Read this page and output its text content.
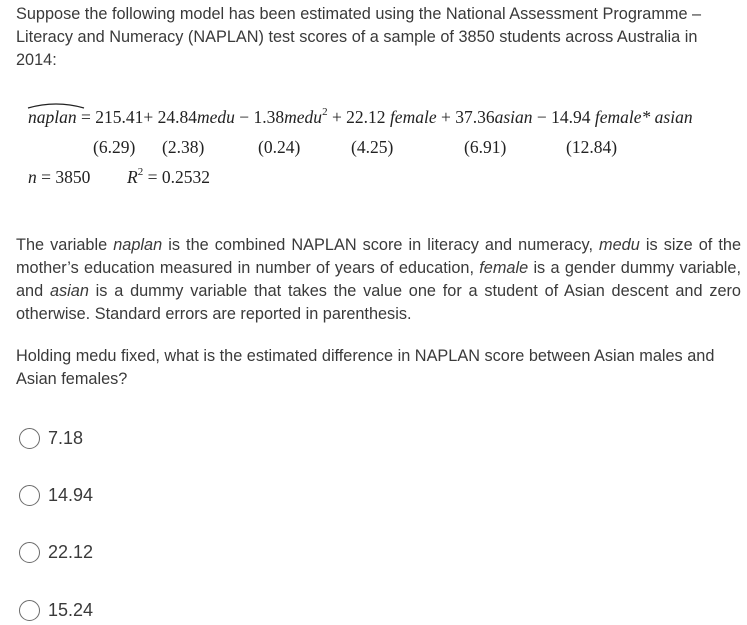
Suppose the following model has been estimated using the National Assessment Programme –
Literacy and Numeracy (NAPLAN) test scores of a sample of 3850 students across Australia in
2014:
naplan = 215.41+ 24.84medu − 1.38medu$^2$ + 22.12 female + 37.36asian − 14.94 female* asian
(6.29) (2.38)	(0.24)	(4.25)	(6.91)	(12.84)
n = 3850 $R^2 = 0.2532$
The variable naplan is the combined NAPLAN score in literacy and numeracy, medu is size of the mother’s education measured in number of years of education, female is a gender dummy variable, and asian is a dummy variable that takes the value one for a student of Asian descent and zero otherwise. Standard errors are reported in parenthesis.
Holding medu fixed, what is the estimated difference in NAPLAN score between Asian males and Asian females?
7.18
14.94
22.12
15.24
